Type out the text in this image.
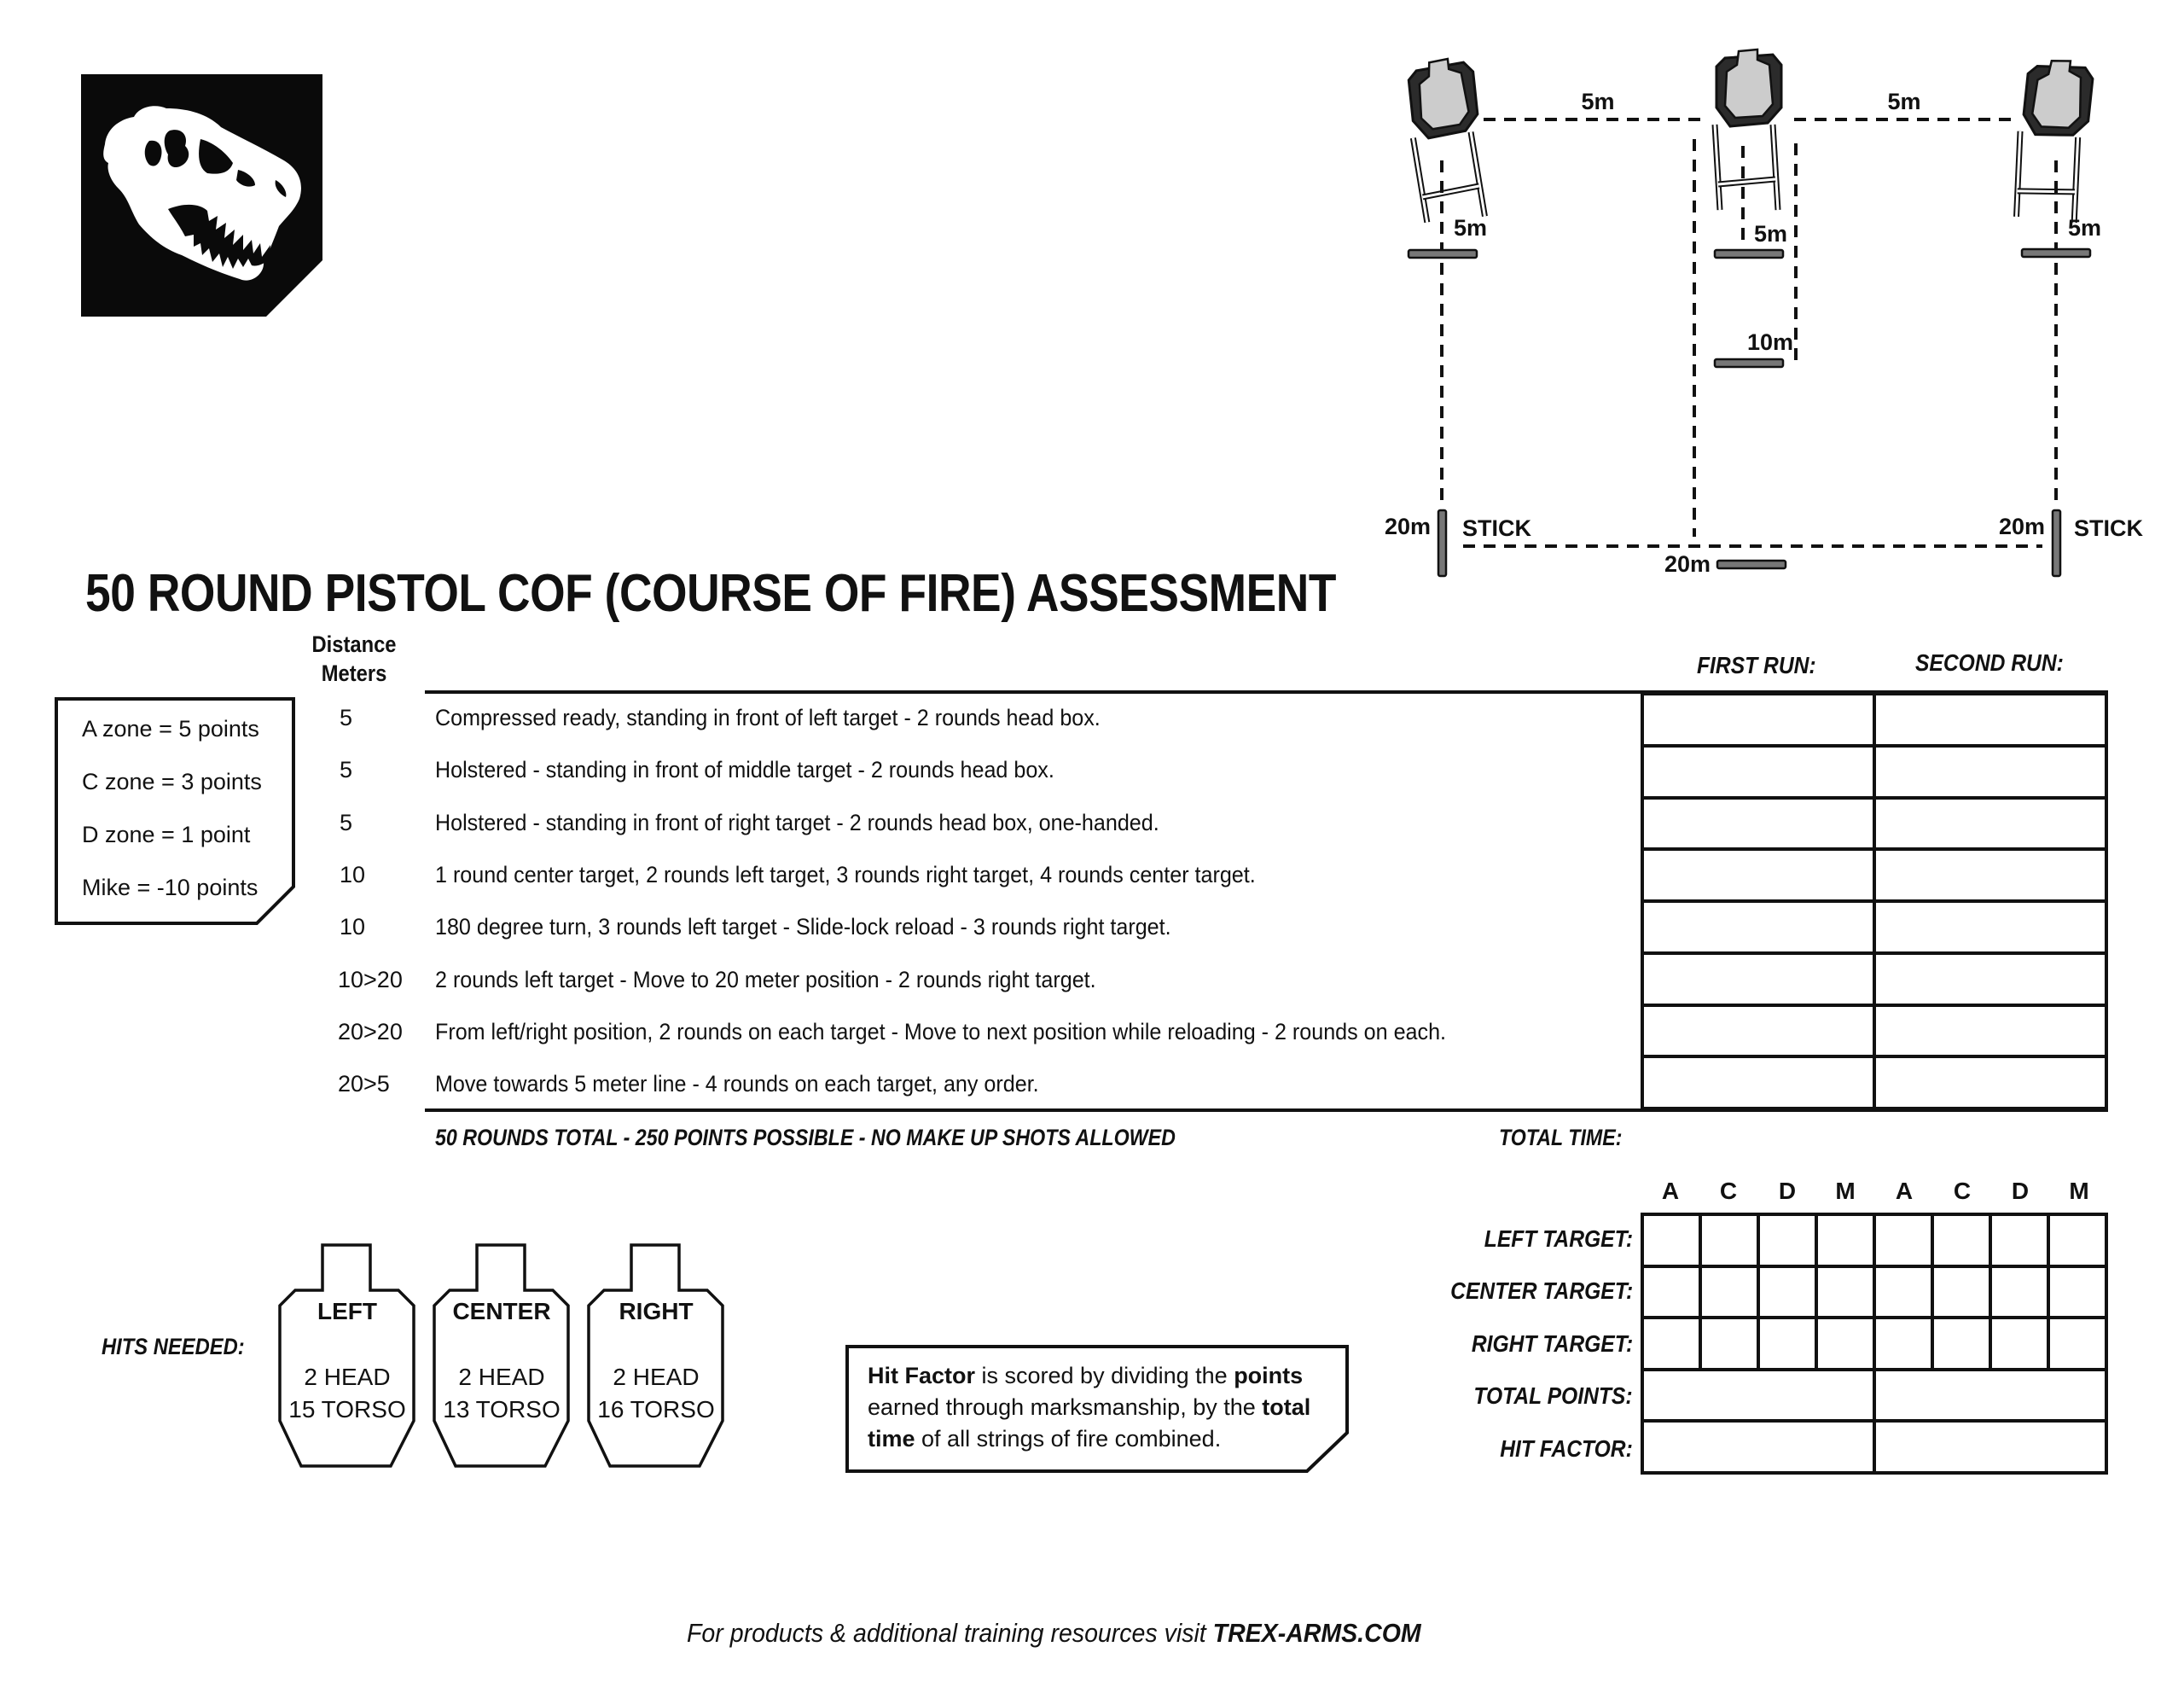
5m	5m
5m	5m
10m
5m
20m STICK	20m STICK
20m
50 ROUND PISTOL COF (COURSE OF FIRE) ASSESSMENT
Distance
Meters
A zone = 5 points
C zone = 3 points
D zone = 1 point
Mike = -10 points
FIRST RUN:	SECOND RUN:
5	Compressed ready, standing in front of left target - 2 rounds head box.
5	Holstered - standing in front of middle target - 2 rounds head box.
5	Holstered - standing in front of right target - 2 rounds head box, one-handed.
10	1 round center target, 2 rounds left target, 3 rounds right target, 4 rounds center target.
10	180 degree turn, 3 rounds left target - Slide-lock reload - 3 rounds right target.
10>20	2 rounds left target - Move to 20 meter position - 2 rounds right target.
20>20	From left/right position, 2 rounds on each target - Move to next position while reloading - 2 rounds on each.
20>5	Move towards 5 meter line - 4 rounds on each target, any order.

50 ROUNDS TOTAL - 250 POINTS POSSIBLE - NO MAKE UP SHOTS ALLOWED	TOTAL TIME:
A	C	D	M	A	C	D	M
LEFT TARGET:
CENTER TARGET:
RIGHT TARGET:
TOTAL POINTS:
HIT FACTOR:

HITS NEEDED:
LEFT
2 HEAD
15 TORSO
CENTER
2 HEAD
13 TORSO
RIGHT
2 HEAD
16 TORSO
Hit Factor is scored by dividing the points earned through marksmanship, by the total time of all strings of fire combined.
For products & additional training resources visit TREX-ARMS.COM
